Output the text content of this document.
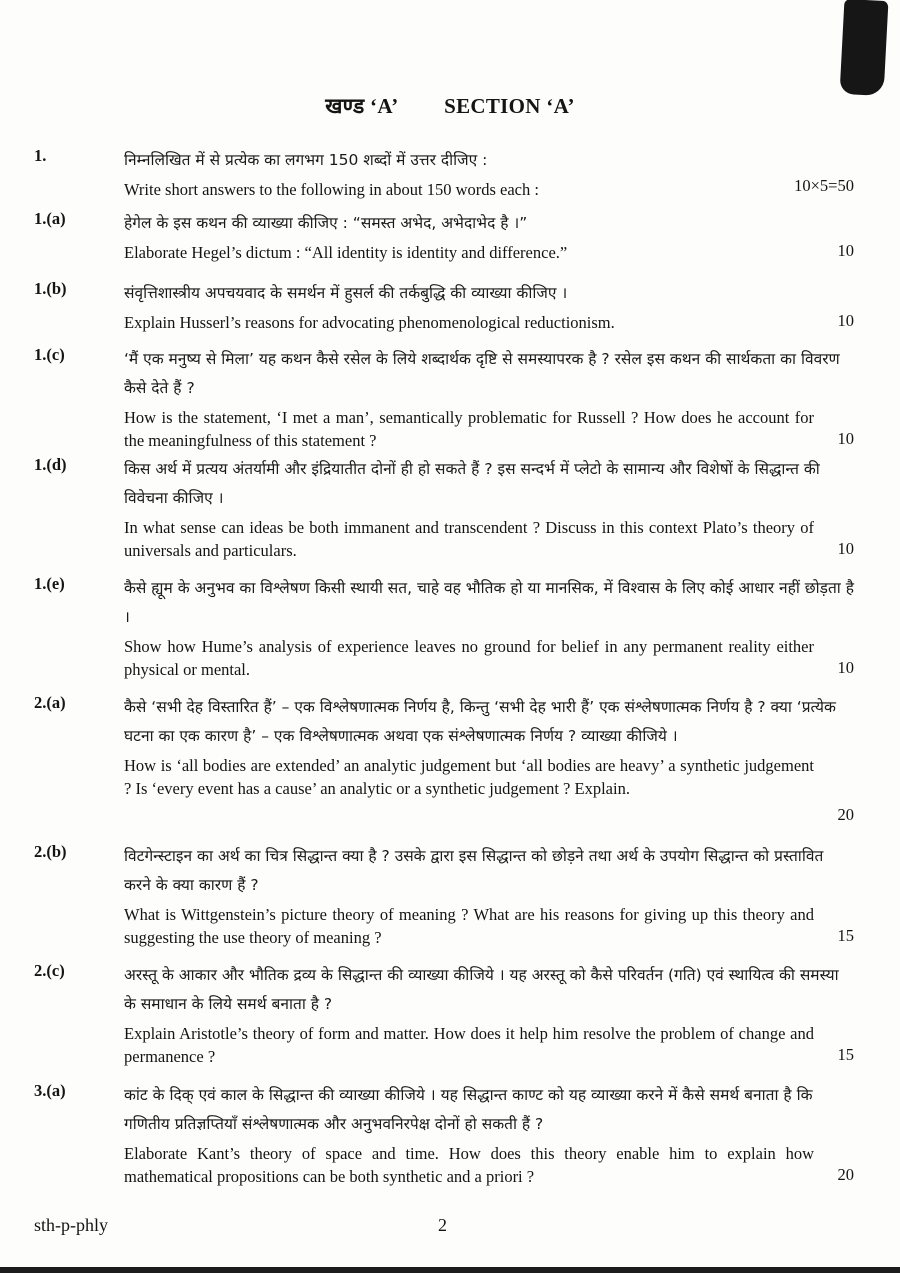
खण्ड ‘A’ SECTION ‘A’
1.	निम्नलिखित में से प्रत्येक का लगभग 150 शब्दों में उत्तर दीजिए :
Write short answers to the following in about 150 words each :	10×5=50
1.(a)	हेगेल के इस कथन की व्याख्या कीजिए : “समस्त अभेद, अभेदाभेद है ।”
Elaborate Hegel’s dictum : “All identity is identity and difference.”	10
1.(b)	संवृत्तिशास्त्रीय अपचयवाद के समर्थन में हुसर्ल की तर्कबुद्धि की व्याख्या कीजिए ।
Explain Husserl’s reasons for advocating phenomenological reductionism.	10
1.(c)	‘मैं एक मनुष्य से मिला’ यह कथन कैसे रसेल के लिये शब्दार्थक दृष्टि से समस्यापरक है ? रसेल इस कथन की सार्थकता का विवरण कैसे देते हैं ?
How is the statement, ‘I met a man’, semantically problematic for Russell ? How does he account for the meaningfulness of this statement ?	10
1.(d)	किस अर्थ में प्रत्यय अंतर्यामी और इंद्रियातीत दोनों ही हो सकते हैं ? इस सन्दर्भ में प्लेटो के सामान्य और विशेषों के सिद्धान्त की विवेचना कीजिए ।
In what sense can ideas be both immanent and transcendent ? Discuss in this context Plato’s theory of universals and particulars.	10
1.(e)	कैसे ह्यूम के अनुभव का विश्लेषण किसी स्थायी सत, चाहे वह भौतिक हो या मानसिक, में विश्वास के लिए कोई आधार नहीं छोड़ता है ।
Show how Hume’s analysis of experience leaves no ground for belief in any permanent reality either physical or mental.	10
2.(a)	कैसे ‘सभी देह विस्तारित हैं’ – एक विश्लेषणात्मक निर्णय है, किन्तु ‘सभी देह भारी हैं’ एक संश्लेषणात्मक निर्णय है ? क्या ‘प्रत्येक घटना का एक कारण है’ – एक विश्लेषणात्मक अथवा एक संश्लेषणात्मक निर्णय ? व्याख्या कीजिये ।
How is ‘all bodies are extended’ an analytic judgement but ‘all bodies are heavy’ a synthetic judgement ? Is ‘every event has a cause’ an analytic or a synthetic judgement ? Explain.
20
2.(b)	विटगेन्स्टाइन का अर्थ का चित्र सिद्धान्त क्या है ? उसके द्वारा इस सिद्धान्त को छोड़ने तथा अर्थ के उपयोग सिद्धान्त को प्रस्तावित करने के क्या कारण हैं ?
What is Wittgenstein’s picture theory of meaning ? What are his reasons for giving up this theory and suggesting the use theory of meaning ?	15
2.(c)	अरस्तू के आकार और भौतिक द्रव्य के सिद्धान्त की व्याख्या कीजिये । यह अरस्तू को कैसे परिवर्तन (गति) एवं स्थायित्व की समस्या के समाधान के लिये समर्थ बनाता है ?
Explain Aristotle’s theory of form and matter. How does it help him resolve the problem of change and permanence ?	15
3.(a)	कांट के दिक् एवं काल के सिद्धान्त की व्याख्या कीजिये । यह सिद्धान्त काण्ट को यह व्याख्या करने में कैसे समर्थ बनाता है कि गणितीय प्रतिज्ञप्तियाँ संश्लेषणात्मक और अनुभवनिरपेक्ष दोनों हो सकती हैं ?
Elaborate Kant’s theory of space and time. How does this theory enable him to explain how mathematical propositions can be both synthetic and a priori ?	20
sth-p-phly	2
